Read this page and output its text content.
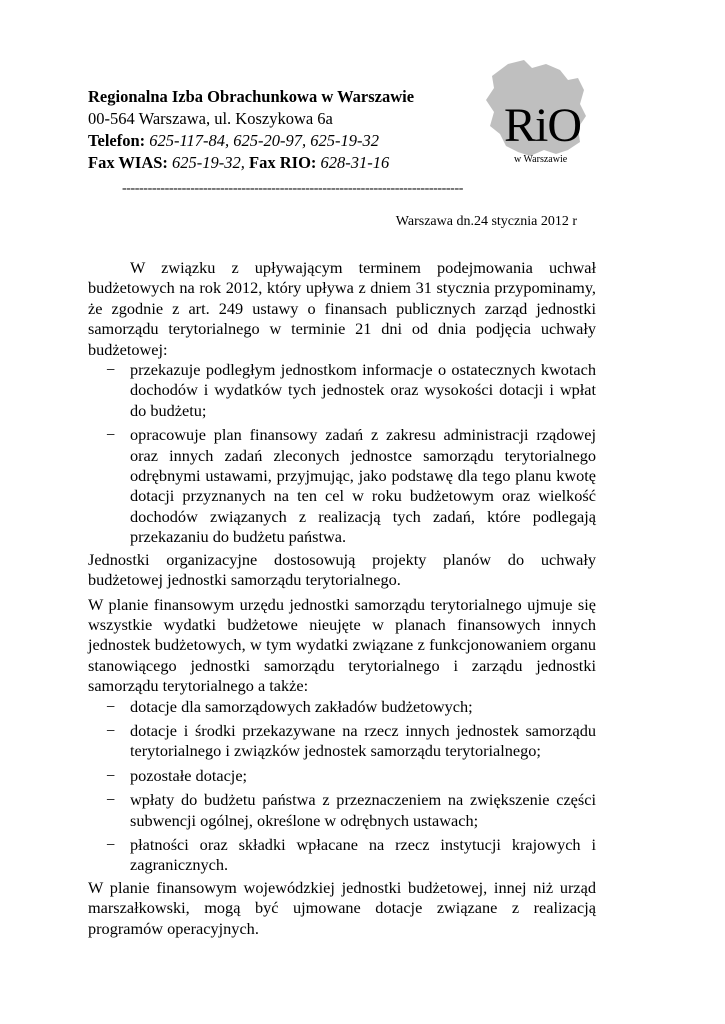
Regionalna Izba Obrachunkowa w Warszawie
00-564 Warszawa, ul. Koszykowa 6a
Telefon: 625-117-84, 625-20-97, 625-19-32
Fax WIAS: 625-19-32, Fax RIO: 628-31-16
RiO
w Warszawie
--------------------------------------------------------------------------------
Warszawa dn.24 stycznia 2012 r

W związku z upływającym terminem podejmowania uchwał budżetowych na rok 2012, który upływa z dniem 31 stycznia przypominamy, że zgodnie z art. 249 ustawy o finansach publicznych zarząd jednostki samorządu terytorialnego w terminie 21 dni od dnia podjęcia uchwały budżetowej:

− przekazuje podległym jednostkom informacje o ostatecznych kwotach dochodów i wydatków tych jednostek oraz wysokości dotacji i wpłat do budżetu;
− opracowuje plan finansowy zadań z zakresu administracji rządowej oraz innych zadań zleconych jednostce samorządu terytorialnego odrębnymi ustawami, przyjmując, jako podstawę dla tego planu kwotę dotacji przyznanych na ten cel w roku budżetowym oraz wielkość dochodów związanych z realizacją tych zadań, które podlegają przekazaniu do budżetu państwa.

Jednostki organizacyjne dostosowują projekty planów do uchwały budżetowej jednostki samorządu terytorialnego.

W planie finansowym urzędu jednostki samorządu terytorialnego ujmuje się wszystkie wydatki budżetowe nieujęte w planach finansowych innych jednostek budżetowych, w tym wydatki związane z funkcjonowaniem organu stanowiącego jednostki samorządu terytorialnego i zarządu jednostki samorządu terytorialnego a także:

− dotacje dla samorządowych zakładów budżetowych;
− dotacje i środki przekazywane na rzecz innych jednostek samorządu terytorialnego i związków jednostek samorządu terytorialnego;
− pozostałe dotacje;
− wpłaty do budżetu państwa z przeznaczeniem na zwiększenie części subwencji ogólnej, określone w odrębnych ustawach;
− płatności oraz składki wpłacane na rzecz instytucji krajowych i zagranicznych.

W planie finansowym wojewódzkiej jednostki budżetowej, innej niż urząd marszałkowski, mogą być ujmowane dotacje związane z realizacją programów operacyjnych.
